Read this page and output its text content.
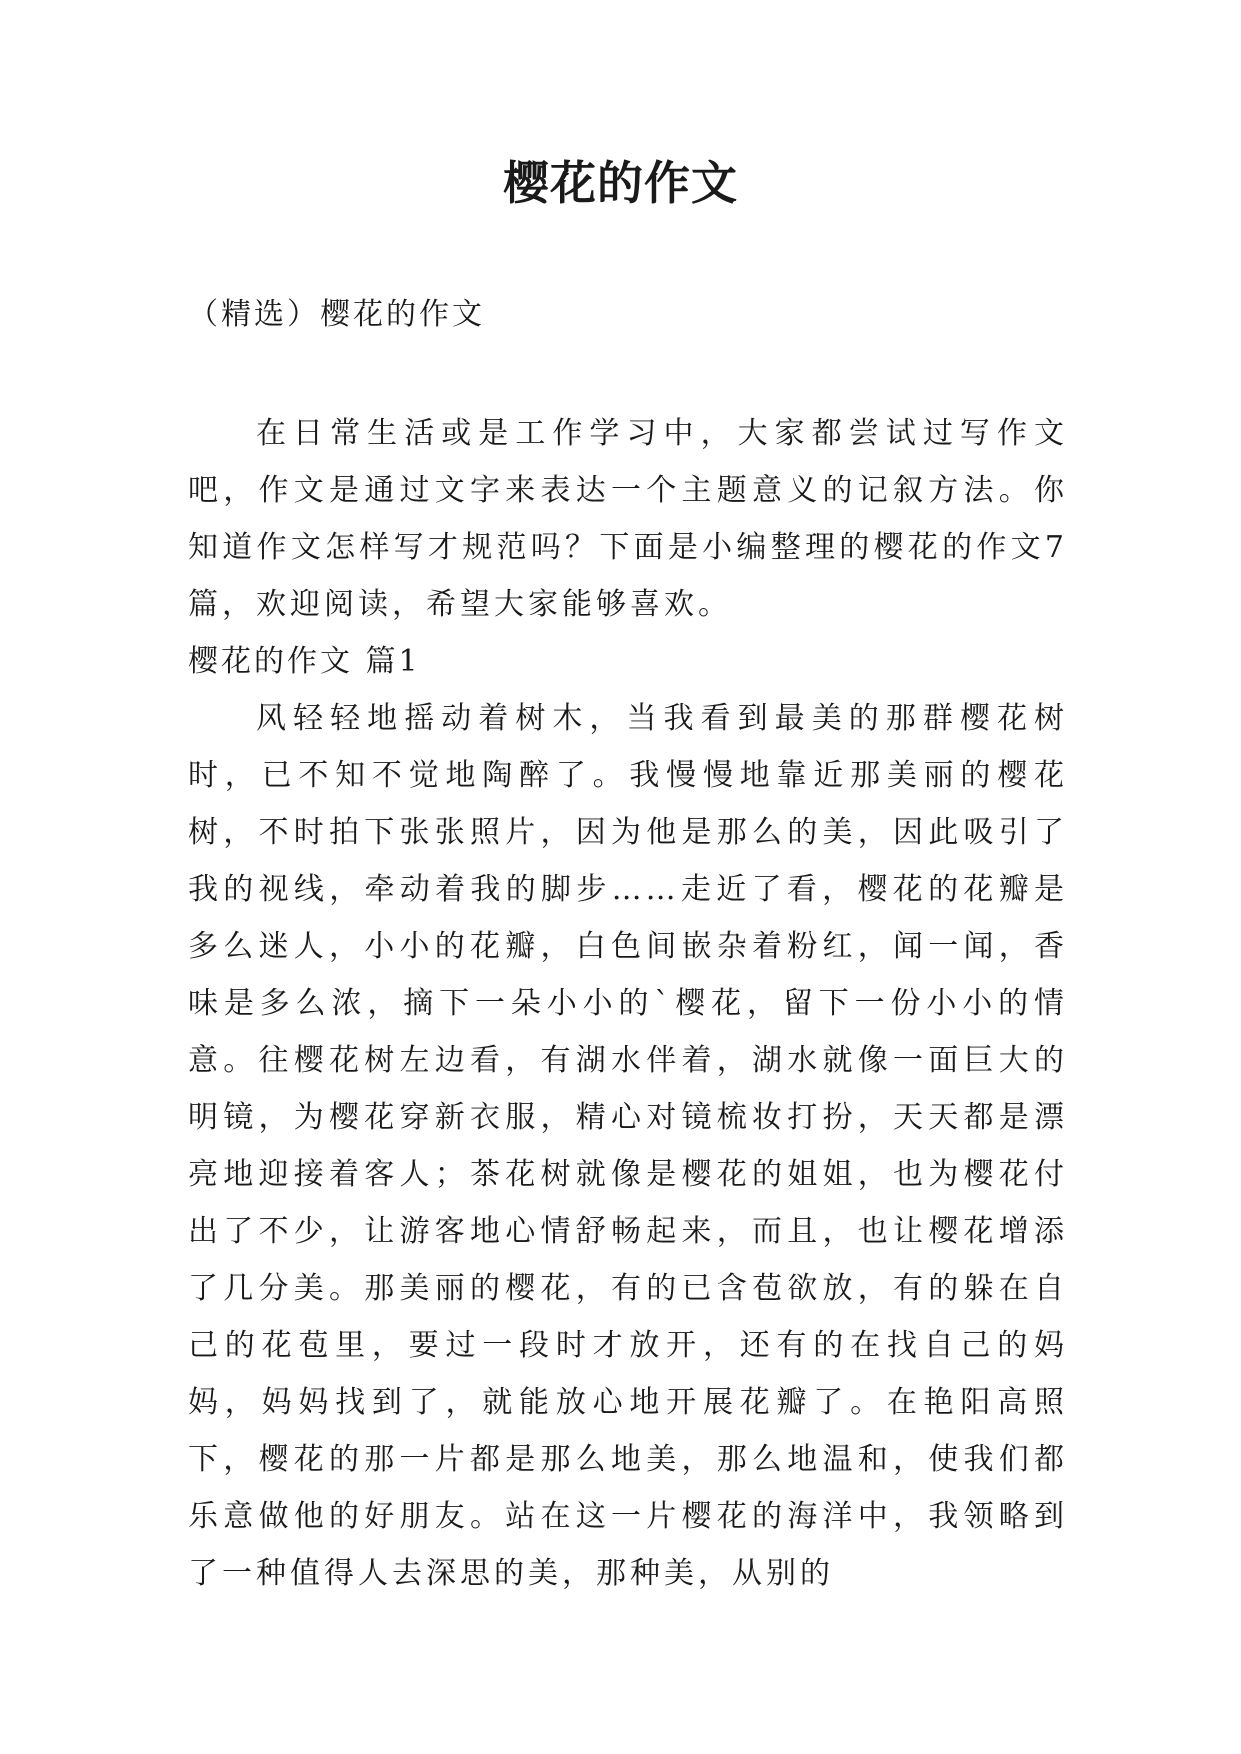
樱花的作文

（精选）樱花的作文

在日常生活或是工作学习中，大家都尝试过写作文吧，作文是通过文字来表达一个主题意义的记叙方法。你知道作文怎样写才规范吗？下面是小编整理的樱花的作文7篇，欢迎阅读，希望大家能够喜欢。

樱花的作文 篇1

风轻轻地摇动着树木，当我看到最美的那群樱花树时，已不知不觉地陶醉了。我慢慢地靠近那美丽的樱花树，不时拍下张张照片，因为他是那么的美，因此吸引了我的视线，牵动着我的脚步……走近了看，樱花的花瓣是多么迷人，小小的花瓣，白色间嵌杂着粉红，闻一闻，香味是多么浓，摘下一朵小小的`樱花，留下一份小小的情意。往樱花树左边看，有湖水伴着，湖水就像一面巨大的明镜，为樱花穿新衣服，精心对镜梳妆打扮，天天都是漂亮地迎接着客人；茶花树就像是樱花的姐姐，也为樱花付出了不少，让游客地心情舒畅起来，而且，也让樱花增添了几分美。那美丽的樱花，有的已含苞欲放，有的躲在自己的花苞里，要过一段时才放开，还有的在找自己的妈妈，妈妈找到了，就能放心地开展花瓣了。在艳阳高照下，樱花的那一片都是那么地美，那么地温和，使我们都乐意做他的好朋友。站在这一片樱花的海洋中，我领略到了一种值得人去深思的美，那种美，从别的
